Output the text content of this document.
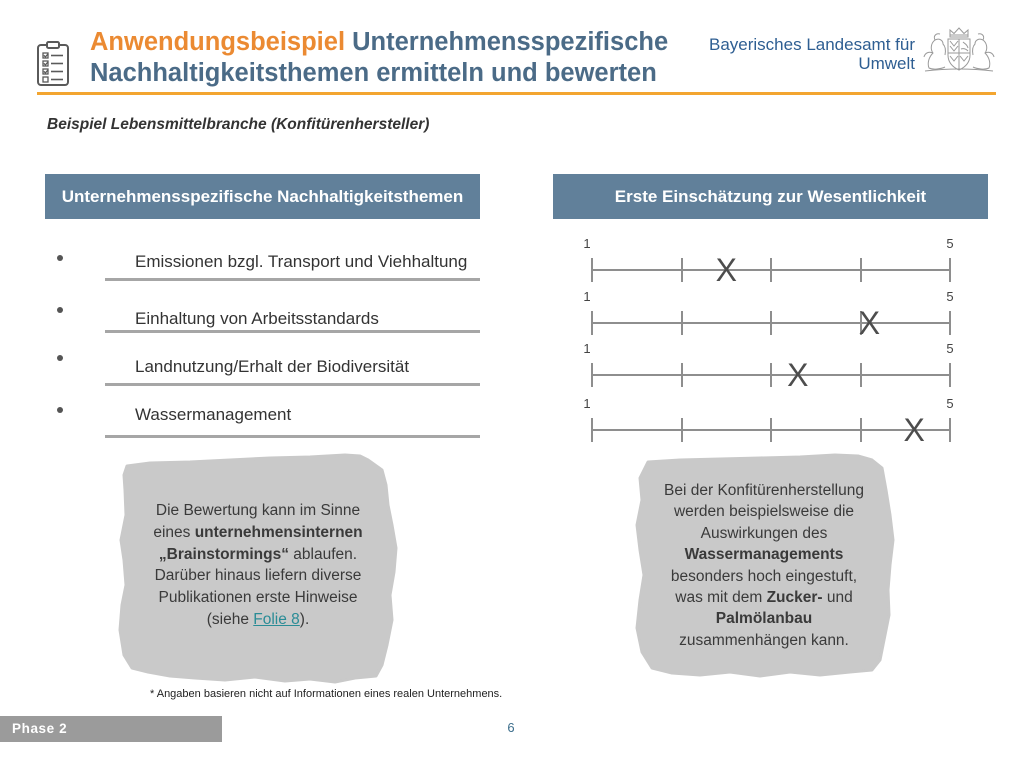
Anwendungsbeispiel Unternehmensspezifische
Nachhaltigkeitsthemen ermitteln und bewerten
Bayerisches Landesamt für
Umwelt
Beispiel Lebensmittelbranche (Konfitürenhersteller)
Unternehmensspezifische Nachhaltigkeitsthemen	Erste Einschätzung zur Wesentlichkeit
Emissionen bzgl. Transport und Viehhaltung
Einhaltung von Arbeitsstandards
Landnutzung/Erhalt der Biodiversität
Wassermanagement
1	5
X
1	5
X
1	5
X
1	5
X
Die Bewertung kann im Sinne
eines unternehmensinternen
„Brainstormings“ ablaufen.
Darüber hinaus liefern diverse
Publikationen erste Hinweise
(siehe Folie 8).
Bei der Konfitürenherstellung
werden beispielsweise die
Auswirkungen des
Wassermanagements
besonders hoch eingestuft,
was mit dem Zucker- und
Palmölanbau
zusammenhängen kann.
* Angaben basieren nicht auf Informationen eines realen Unternehmens.
Phase 2	6
